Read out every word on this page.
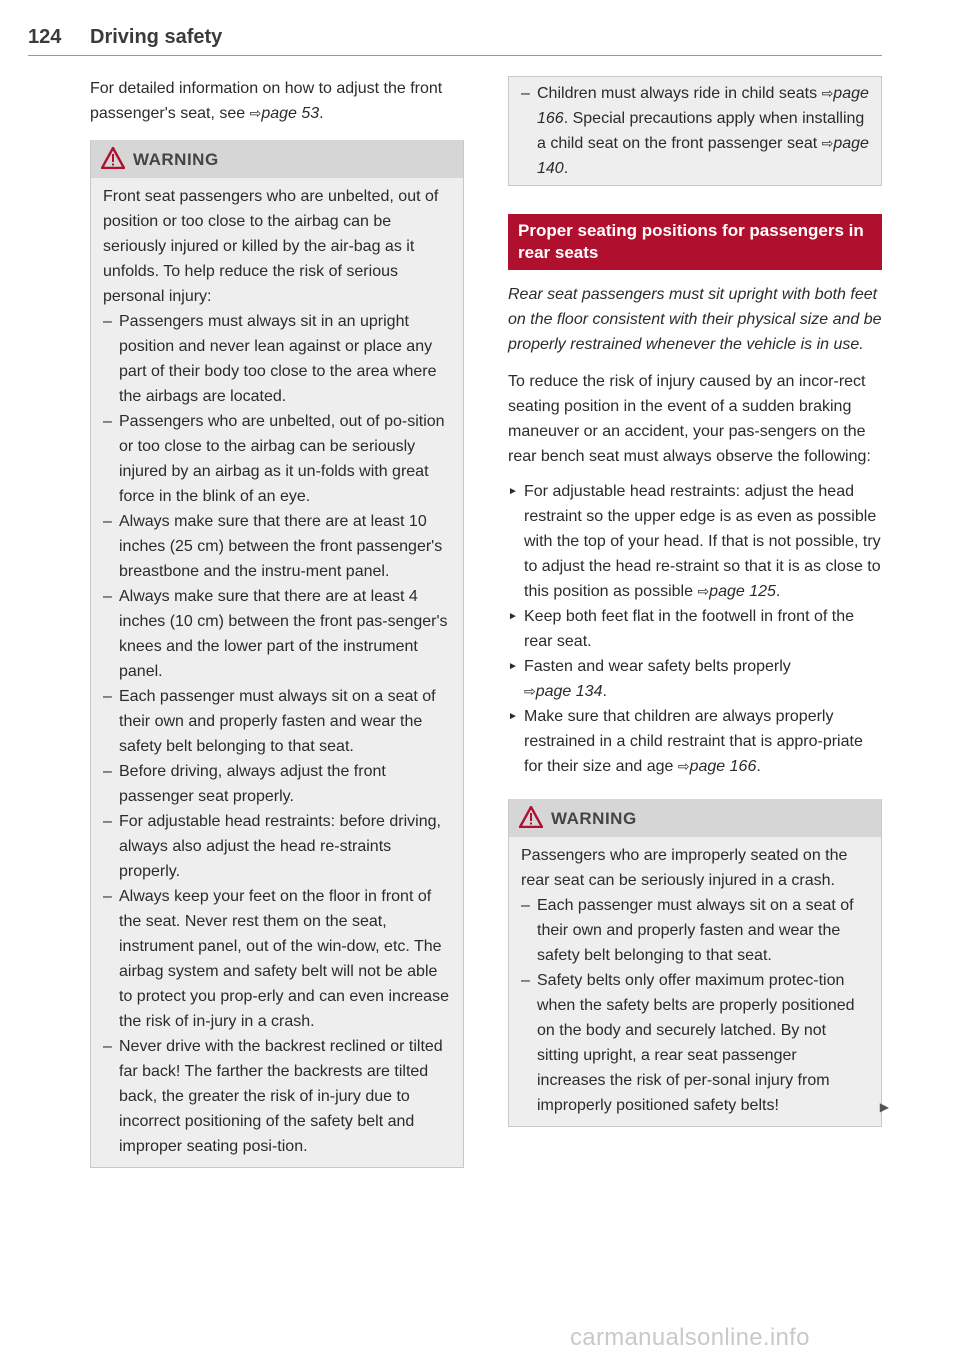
124 Driving safety

For detailed information on how to adjust the front passenger's seat, see ⇨page 53.

WARNING

Front seat passengers who are unbelted, out of position or too close to the airbag can be seriously injured or killed by the air-bag as it unfolds. To help reduce the risk of serious personal injury:

– Passengers must always sit in an upright position and never lean against or place any part of their body too close to the area where the airbags are located.
– Passengers who are unbelted, out of po-sition or too close to the airbag can be seriously injured by an airbag as it un-folds with great force in the blink of an eye.
– Always make sure that there are at least 10 inches (25 cm) between the front passenger's breastbone and the instru-ment panel.
– Always make sure that there are at least 4 inches (10 cm) between the front pas-senger's knees and the lower part of the instrument panel.
– Each passenger must always sit on a seat of their own and properly fasten and wear the safety belt belonging to that seat.
– Before driving, always adjust the front passenger seat properly.
– For adjustable head restraints: before driving, always also adjust the head re-straints properly.
– Always keep your feet on the floor in front of the seat. Never rest them on the seat, instrument panel, out of the win-dow, etc. The airbag system and safety belt will not be able to protect you prop-erly and can even increase the risk of in-jury in a crash.
– Never drive with the backrest reclined or tilted far back! The farther the backrests are tilted back, the greater the risk of in-jury due to incorrect positioning of the safety belt and improper seating posi-tion.
– Children must always ride in child seats ⇨page 166. Special precautions apply when installing a child seat on the front passenger seat ⇨page 140.
Proper seating positions for passengers in rear seats

Rear seat passengers must sit upright with both feet on the floor consistent with their physical size and be properly restrained whenever the vehicle is in use.

To reduce the risk of injury caused by an incor-rect seating position in the event of a sudden braking maneuver or an accident, your pas-sengers on the rear bench seat must always observe the following:

► For adjustable head restraints: adjust the head restraint so the upper edge is as even as possible with the top of your head. If that is not possible, try to adjust the head re-straint so that it is as close to this position as possible ⇨page 125.
► Keep both feet flat in the footwell in front of the rear seat.
► Fasten and wear safety belts properly
⇨page 134.
► Make sure that children are always properly restrained in a child restraint that is appro-priate for their size and age ⇨page 166.
WARNING

Passengers who are improperly seated on the rear seat can be seriously injured in a crash.

– Each passenger must always sit on a seat of their own and properly fasten and wear the safety belt belonging to that seat.
– Safety belts only offer maximum protec-tion when the safety belts are properly positioned on the body and securely latched. By not sitting upright, a rear seat passenger increases the risk of per-sonal injury from improperly positioned safety belts!	▶
carmanualsonline.info
